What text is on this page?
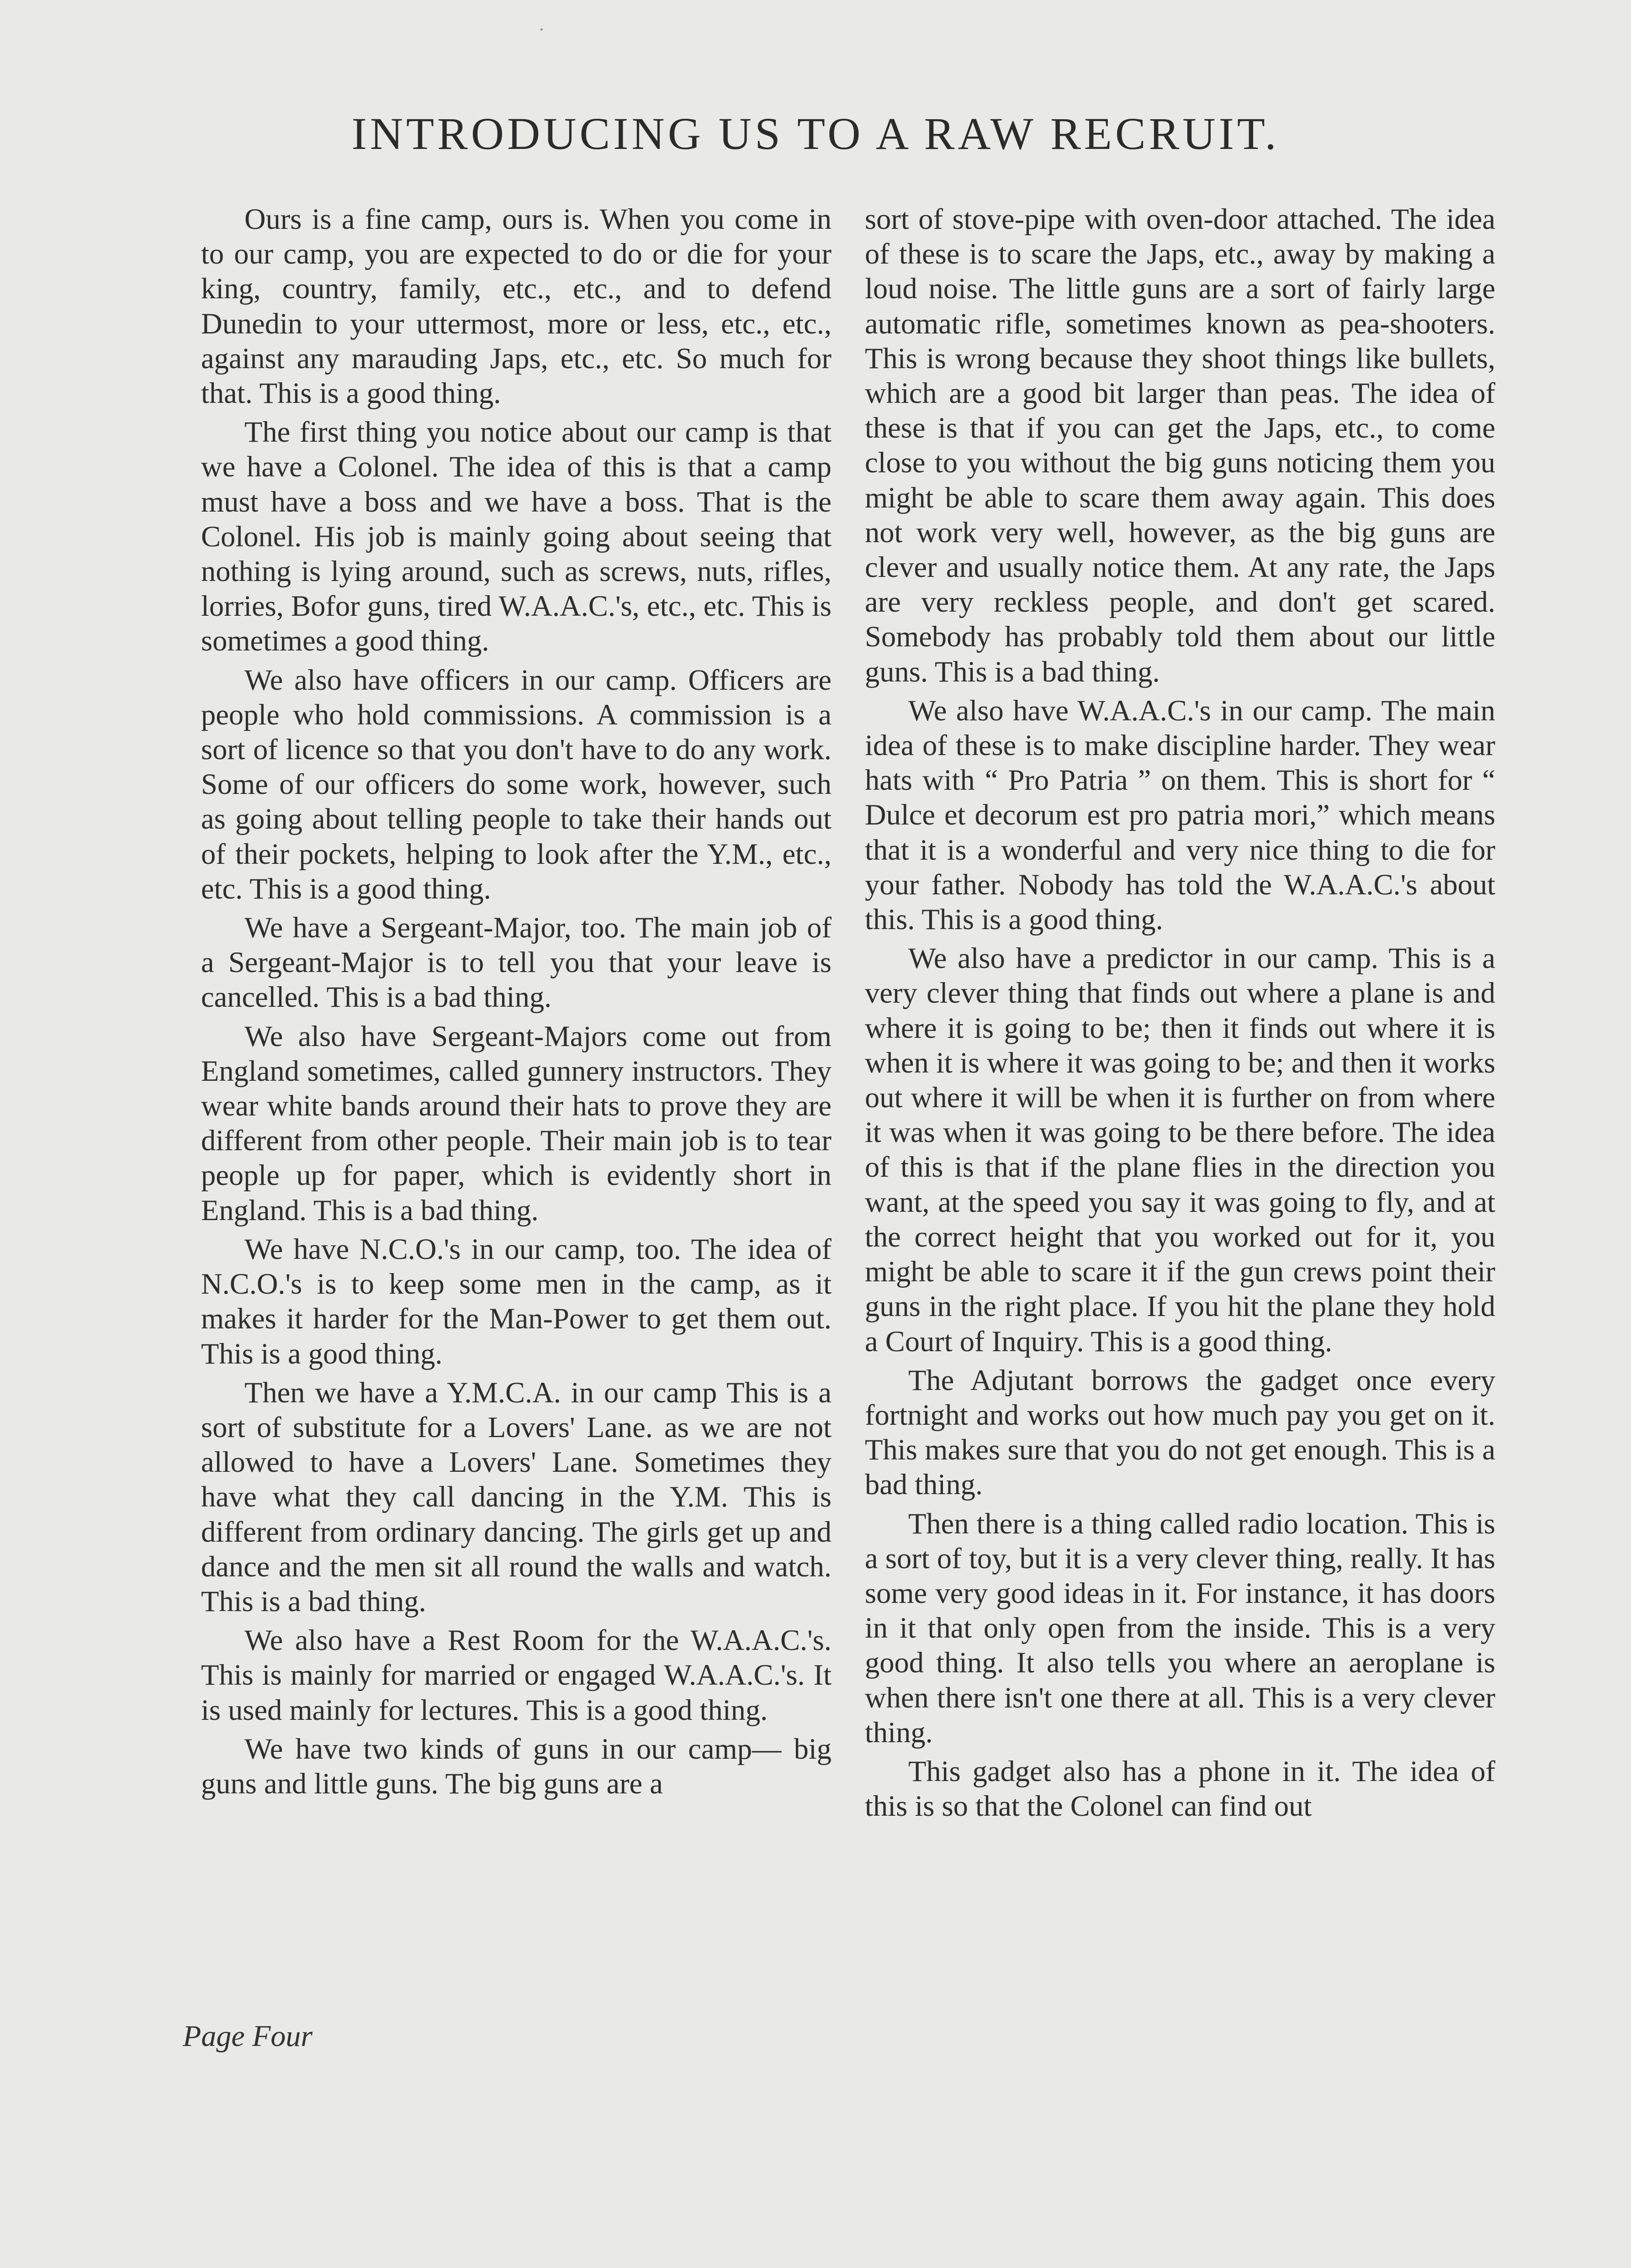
INTRODUCING US TO A RAW RECRUIT.

Ours is a fine camp, ours is. When you come in to our camp, you are expected to do or die for your king, country, family, etc., etc., and to defend Dunedin to your uttermost, more or less, etc., etc., against any marauding Japs, etc., etc. So much for that. This is a good thing.

The first thing you notice about our camp is that we have a Colonel. The idea of this is that a camp must have a boss and we have a boss. That is the Colonel. His job is mainly going about seeing that nothing is lying around, such as screws, nuts, rifles, lorries, Bofor guns, tired W.A.A.C.'s, etc., etc. This is sometimes a good thing.

We also have officers in our camp. Officers are people who hold commissions. A commission is a sort of licence so that you don't have to do any work. Some of our officers do some work, however, such as going about telling people to take their hands out of their pockets, helping to look after the Y.M., etc., etc. This is a good thing.

We have a Sergeant-Major, too. The main job of a Sergeant-Major is to tell you that your leave is cancelled. This is a bad thing.

We also have Sergeant-Majors come out from England sometimes, called gunnery instructors. They wear white bands around their hats to prove they are different from other people. Their main job is to tear people up for paper, which is evidently short in England. This is a bad thing.

We have N.C.O.'s in our camp, too. The idea of N.C.O.'s is to keep some men in the camp, as it makes it harder for the Man-Power to get them out. This is a good thing.

Then we have a Y.M.C.A. in our camp This is a sort of substitute for a Lovers' Lane. as we are not allowed to have a Lovers' Lane. Sometimes they have what they call dancing in the Y.M. This is different from ordinary dancing. The girls get up and dance and the men sit all round the walls and watch. This is a bad thing.

We also have a Rest Room for the W.A.A.C.'s. This is mainly for married or engaged W.A.A.C.'s. It is used mainly for lectures. This is a good thing.

We have two kinds of guns in our camp— big guns and little guns. The big guns are a

sort of stove-pipe with oven-door attached. The idea of these is to scare the Japs, etc., away by making a loud noise. The little guns are a sort of fairly large automatic rifle, sometimes known as pea-shooters. This is wrong because they shoot things like bullets, which are a good bit larger than peas. The idea of these is that if you can get the Japs, etc., to come close to you without the big guns noticing them you might be able to scare them away again. This does not work very well, however, as the big guns are clever and usually notice them. At any rate, the Japs are very reckless people, and don't get scared. Somebody has probably told them about our little guns. This is a bad thing.

We also have W.A.A.C.'s in our camp. The main idea of these is to make discipline harder. They wear hats with “ Pro Patria ” on them. This is short for “ Dulce et decorum est pro patria mori,” which means that it is a wonderful and very nice thing to die for your father. Nobody has told the W.A.A.C.'s about this. This is a good thing.

We also have a predictor in our camp. This is a very clever thing that finds out where a plane is and where it is going to be; then it finds out where it is when it is where it was going to be; and then it works out where it will be when it is further on from where it was when it was going to be there before. The idea of this is that if the plane flies in the direction you want, at the speed you say it was going to fly, and at the correct height that you worked out for it, you might be able to scare it if the gun crews point their guns in the right place. If you hit the plane they hold a Court of Inquiry. This is a good thing.

The Adjutant borrows the gadget once every fortnight and works out how much pay you get on it. This makes sure that you do not get enough. This is a bad thing.

Then there is a thing called radio location. This is a sort of toy, but it is a very clever thing, really. It has some very good ideas in it. For instance, it has doors in it that only open from the inside. This is a very good thing. It also tells you where an aeroplane is when there isn't one there at all. This is a very clever thing.

This gadget also has a phone in it. The idea of this is so that the Colonel can find out

Page Four
